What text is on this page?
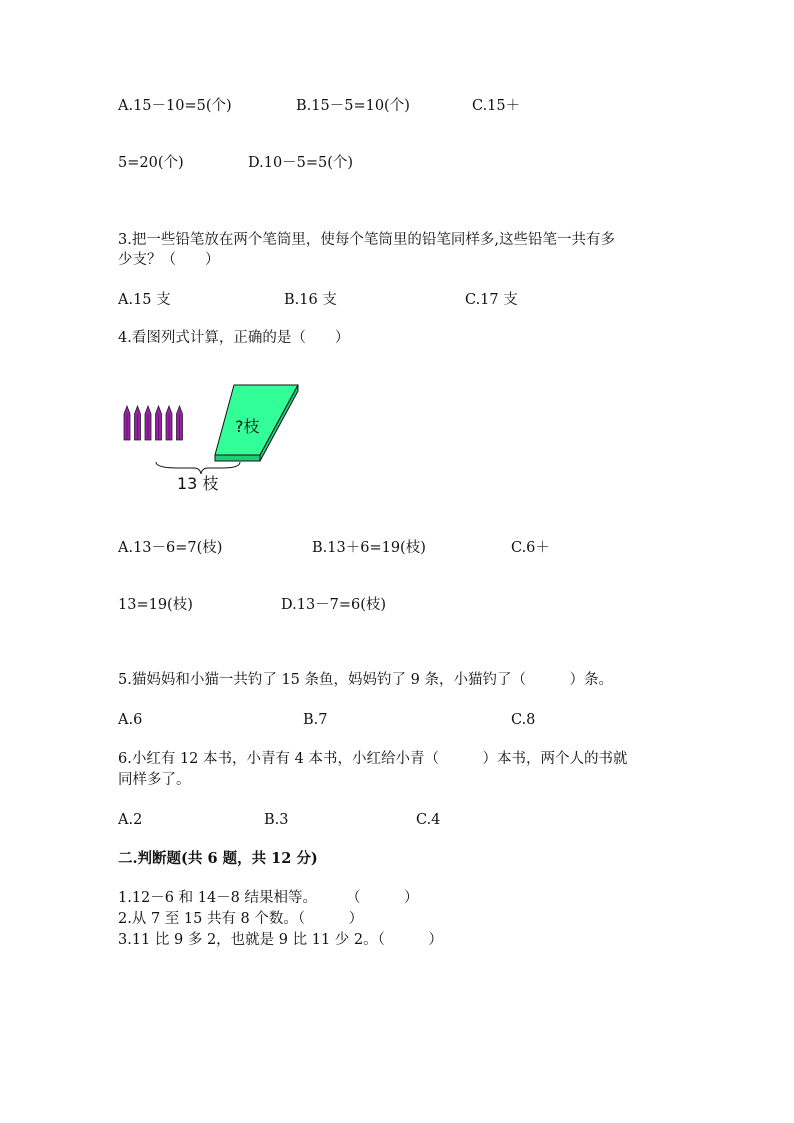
A.15－10=5(个)	B.15－5=10(个)	C.15＋

5=20(个)	D.10－5=5(个)

3.把一些铅笔放在两个笔筒里，使每个笔筒里的铅笔同样多,这些铅笔一共有多

少支？（　　）

A.15 支	B.16 支	C.17 支

4.看图列式计算，正确的是（　　）

?枝
13 枝

A.13－6=7(枝)	B.13＋6=19(枝)	C.6＋

13=19(枝)	D.13－7=6(枝)

5.猫妈妈和小猫一共钓了 15 条鱼，妈妈钓了 9 条，小猫钓了（　　　）条。

A.6	B.7	C.8

6.小红有 12 本书，小青有 4 本书，小红给小青（　　　）本书，两个人的书就

同样多了。

A.2	B.3	C.4

二.判断题(共 6 题，共 12 分)

1.12－6 和 14－8 结果相等。　　　（　　　）

2.从 7 至 15 共有 8 个数。（　　　）

3.11 比 9 多 2，也就是 9 比 11 少 2。（　　　）
